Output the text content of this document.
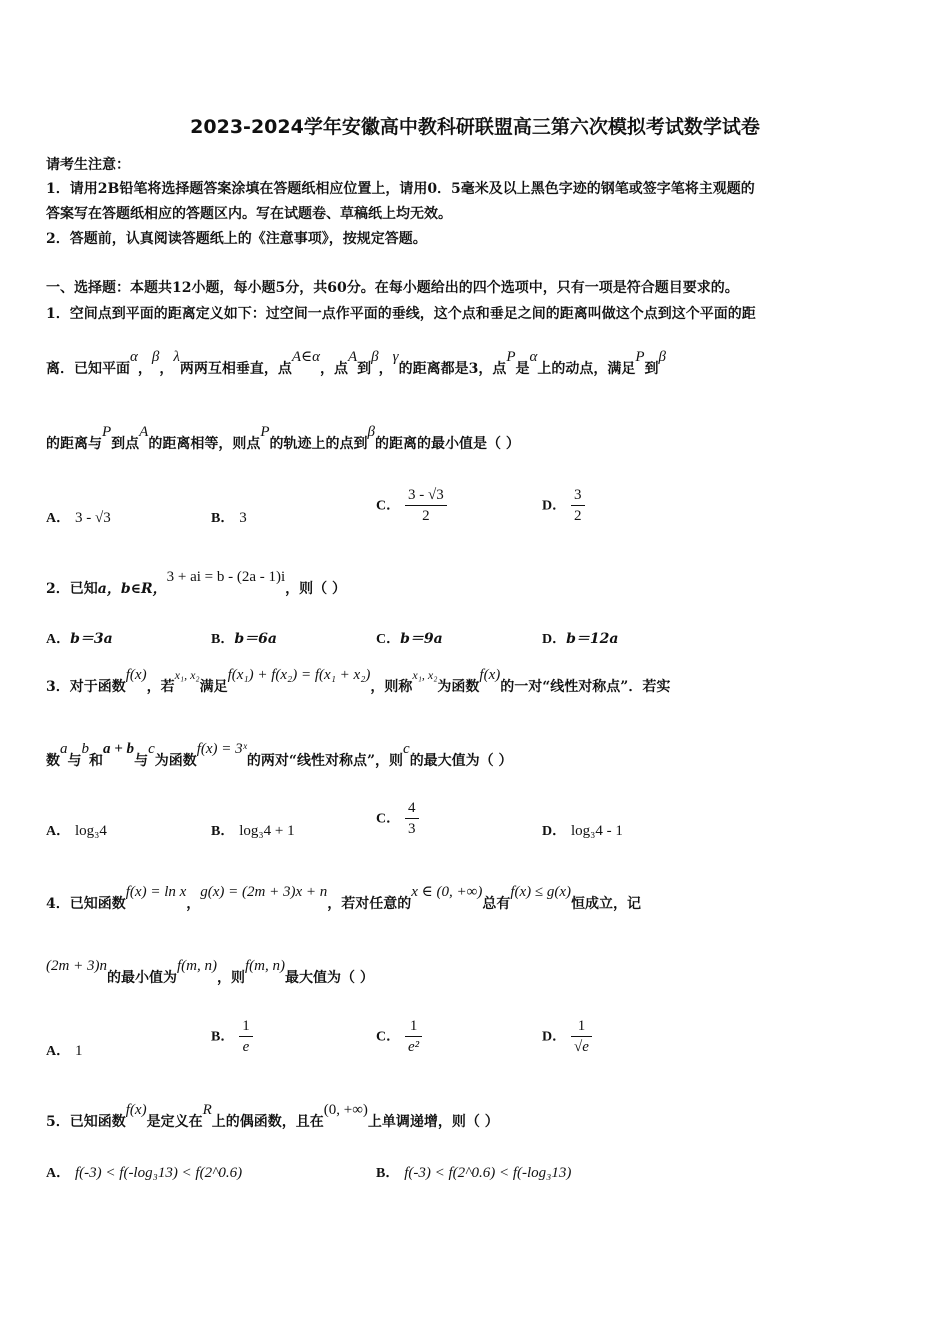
2023-2024学年安徽高中教科研联盟高三第六次模拟考试数学试卷
请考生注意：
1．请用2B铅笔将选择题答案涂填在答题纸相应位置上，请用0．5毫米及以上黑色字迹的钢笔或签字笔将主观题的
答案写在答题纸相应的答题区内。写在试题卷、草稿纸上均无效。
2．答题前，认真阅读答题纸上的《注意事项》，按规定答题。
一、选择题：本题共12小题，每小题5分，共60分。在每小题给出的四个选项中，只有一项是符合题目要求的。
1．空间点到平面的距离定义如下：过空间一点作平面的垂线，这个点和垂足之间的距离叫做这个点到这个平面的距
离．已知平面α，β，λ两两互相垂直，点A∈α，点A到β，γ的距离都是3，点P是α上的动点，满足P到β
的距离与P到点A的距离相等，则点P的轨迹上的点到β的距离的最小值是（ ）
A． 3 - √3	B． 3
C． $\frac{3 - √3}{2}$	D． $\frac{3}{2}$
2．已知a，b∈R，3 + ai = b - (2a - 1)i，则（ ）
A．b＝3a	B．b＝6a	C．b＝9a	D．b＝12a
3．对于函数f(x)，若x₁, x₂满足f(x₁) + f(x₂) = f(x₁ + x₂)，则称x₁, x₂为函数f(x)的一对“线性对称点”．若实
数a与b和a + b与c为函数f(x) = 3ˣ的两对“线性对称点”，则c的最大值为（ ）
A． log₃4	B． log₃4 + 1
C． $\frac{4}{3}$	D． log₃4 - 1
4．已知函数f(x) = ln x，g(x) = (2m + 3)x + n，若对任意的x ∈ (0, +∞)总有f(x) ≤ g(x)恒成立，记
(2m + 3)n的最小值为f(m, n)，则f(m, n)最大值为（ ）
A． 1
B． $\frac{1}{e}$	C． $\frac{1}{\text{e²}}$	D． $\frac{1}{√e}$
5．已知函数f(x)是定义在R上的偶函数，且在(0, +∞)上单调递增，则（ ）
A． f(-3) < f(-log₃13) < f(2^0.6)	B． f(-3) < f(2^0.6) < f(-log₃13)
